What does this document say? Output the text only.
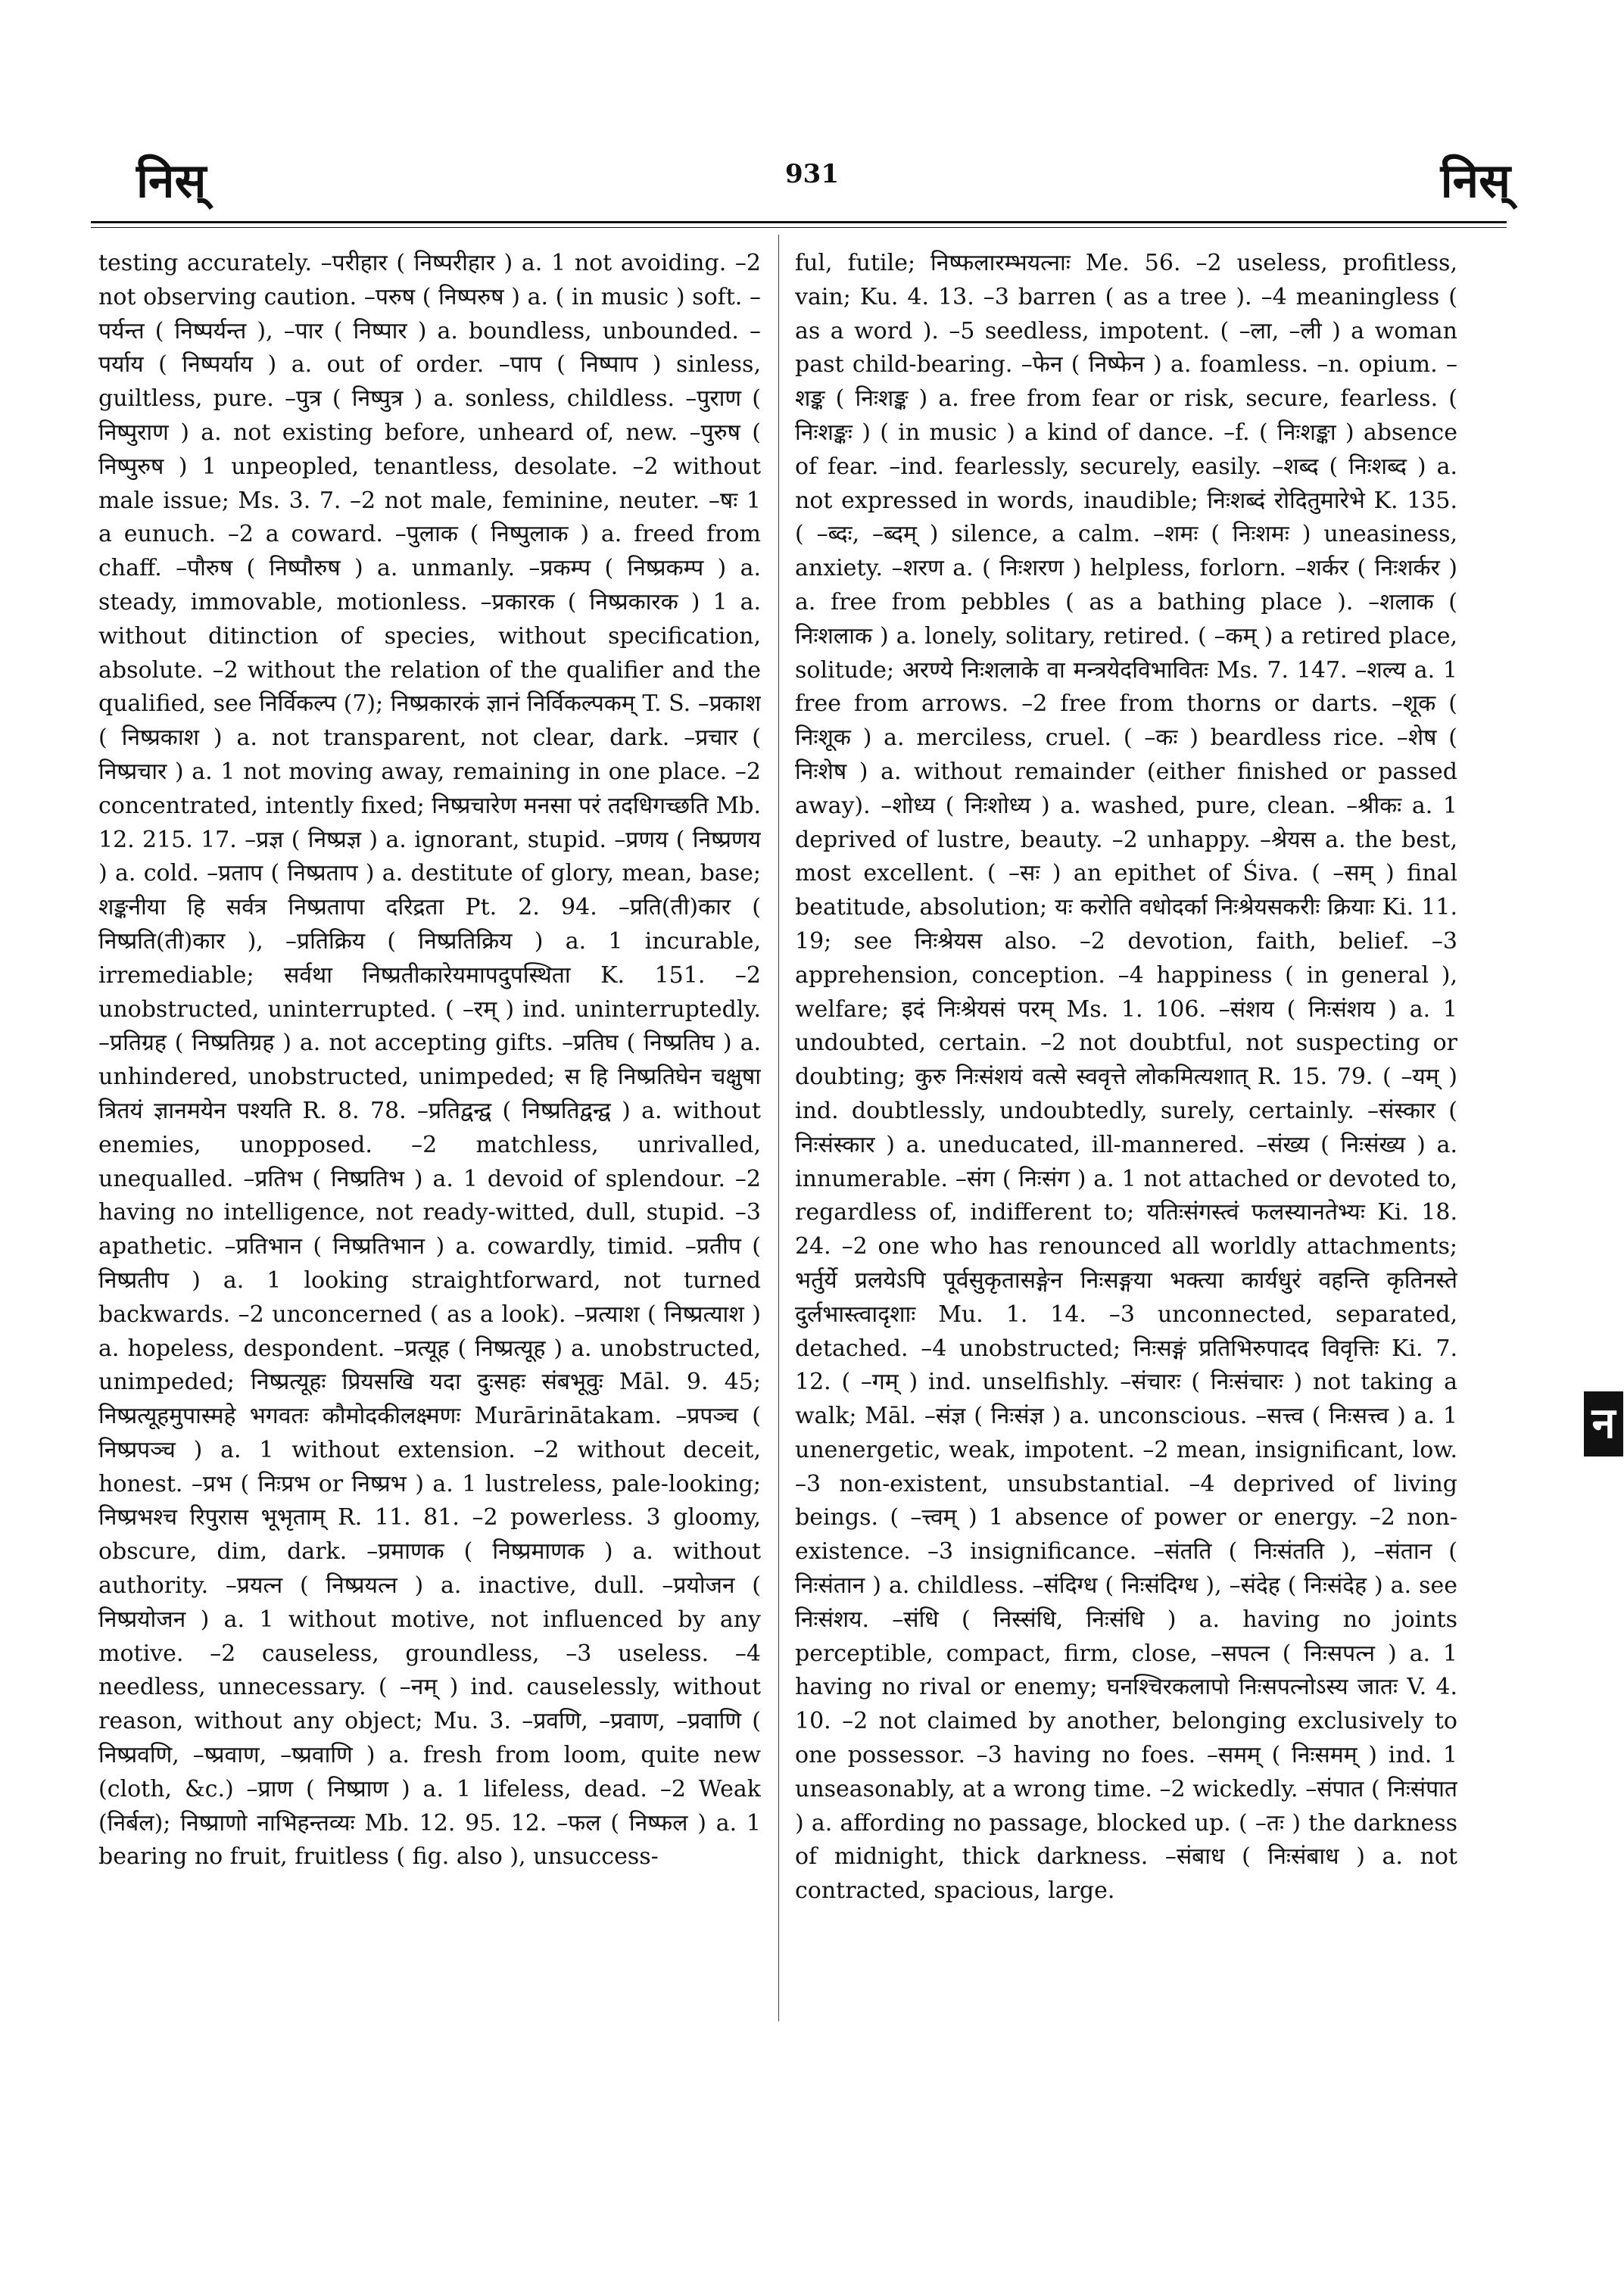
निस्	931	निस्

testing accurately. –परीहार ( निष्परीहार ) a. 1 not avoiding. –2 not observing caution. –परुष ( निष्परुष ) a. ( in music ) soft. –पर्यन्त ( निष्पर्यन्त ), –पार ( निष्पार ) a. boundless, unbounded. –पर्याय ( निष्पर्याय ) a. out of order. –पाप ( निष्पाप ) sinless, guiltless, pure. –पुत्र ( निष्पुत्र ) a. sonless, childless. –पुराण ( निष्पुराण ) a. not existing before, unheard of, new. –पुरुष ( निष्पुरुष ) 1 unpeopled, tenantless, desolate. –2 without male issue; Ms. 3. 7. –2 not male, feminine, neuter. –षः 1 a eunuch. –2 a coward. –पुलाक ( निष्पुलाक ) a. freed from chaff. –पौरुष ( निष्पौरुष ) a. unmanly. –प्रकम्प ( निष्प्रकम्प ) a. steady, immovable, motionless. –प्रकारक ( निष्प्रकारक ) 1 a. without ditinction of species, without specification, absolute. –2 without the relation of the qualifier and the qualified, see निर्विकल्प (7); निष्प्रकारकं ज्ञानं निर्विकल्पकम् T. S. –प्रकाश ( निष्प्रकाश ) a. not transparent, not clear, dark. –प्रचार ( निष्प्रचार ) a. 1 not moving away, remaining in one place. –2 concentrated, intently fixed; निष्प्रचारेण मनसा परं तदधिगच्छति Mb. 12. 215. 17. –प्रज्ञ ( निष्प्रज्ञ ) a. ignorant, stupid. –प्रणय ( निष्प्रणय ) a. cold. –प्रताप ( निष्प्रताप ) a. destitute of glory, mean, base; शङ्कनीया हि सर्वत्र निष्प्रतापा दरिद्रता Pt. 2. 94. –प्रति(ती)कार ( निष्प्रति(ती)कार ), –प्रतिक्रिय ( निष्प्रतिक्रिय ) a. 1 incurable, irremediable; सर्वथा निष्प्रतीकारेयमापदुपस्थिता K. 151. –2 unobstructed, uninterrupted. ( –रम् ) ind. uninterruptedly. –प्रतिग्रह ( निष्प्रतिग्रह ) a. not accepting gifts. –प्रतिघ ( निष्प्रतिघ ) a. unhindered, unobstructed, unimpeded; स हि निष्प्रतिघेन चक्षुषा त्रितयं ज्ञानमयेन पश्यति R. 8. 78. –प्रतिद्वन्द्व ( निष्प्रतिद्वन्द्व ) a. without enemies, unopposed. –2 matchless, unrivalled, unequalled. –प्रतिभ ( निष्प्रतिभ ) a. 1 devoid of splendour. –2 having no intelligence, not ready-witted, dull, stupid. –3 apathetic. –प्रतिभान ( निष्प्रतिभान ) a. cowardly, timid. –प्रतीप ( निष्प्रतीप ) a. 1 looking straightforward, not turned backwards. –2 unconcerned ( as a look). –प्रत्याश ( निष्प्रत्याश ) a. hopeless, despondent. –प्रत्यूह ( निष्प्रत्यूह ) a. unobstructed, unimpeded; निष्प्रत्यूहः प्रियसखि यदा दुःसहः संबभूवुः Māl. 9. 45; निष्प्रत्यूहमुपास्महे भगवतः कौमोदकीलक्ष्मणः Murārinātakam. –प्रपञ्च ( निष्प्रपञ्च ) a. 1 without extension. –2 without deceit, honest. –प्रभ ( निःप्रभ or निष्प्रभ ) a. 1 lustreless, pale-looking; निष्प्रभश्च रिपुरास भूभृताम् R. 11. 81. –2 powerless. 3 gloomy, obscure, dim, dark. –प्रमाणक ( निष्प्रमाणक ) a. without authority. –प्रयत्न ( निष्प्रयत्न ) a. inactive, dull. –प्रयोजन ( निष्प्रयोजन ) a. 1 without motive, not influenced by any motive. –2 causeless, groundless, –3 useless. –4 needless, unnecessary. ( –नम् ) ind. causelessly, without reason, without any object; Mu. 3. –प्रवणि, –प्रवाण, –प्रवाणि ( निष्प्रवणि, –ष्प्रवाण, –ष्प्रवाणि ) a. fresh from loom, quite new (cloth, &c.) –प्राण ( निष्प्राण ) a. 1 lifeless, dead. –2 Weak (निर्बल); निष्प्राणो नाभिहन्तव्यः Mb. 12. 95. 12. –फल ( निष्फल ) a. 1 bearing no fruit, fruitless ( fig. also ), unsuccess-

ful, futile; निष्फलारम्भयत्नाः Me. 56. –2 useless, profitless, vain; Ku. 4. 13. –3 barren ( as a tree ). –4 meaningless ( as a word ). –5 seedless, impotent. ( –ला, –ली ) a woman past child-bearing. –फेन ( निष्फेन ) a. foamless. –n. opium. –शङ्क ( निःशङ्क ) a. free from fear or risk, secure, fearless. ( निःशङ्कः ) ( in music ) a kind of dance. –f. ( निःशङ्का ) absence of fear. –ind. fearlessly, securely, easily. –शब्द ( निःशब्द ) a. not expressed in words, inaudible; निःशब्दं रोदितुमारेभे K. 135. ( –ब्दः, –ब्दम् ) silence, a calm. –शमः ( निःशमः ) uneasiness, anxiety. –शरण a. ( निःशरण ) helpless, forlorn. –शर्कर ( निःशर्कर ) a. free from pebbles ( as a bathing place ). –शलाक ( निःशलाक ) a. lonely, solitary, retired. ( –कम् ) a retired place, solitude; अरण्ये निःशलाके वा मन्त्रयेदविभावितः Ms. 7. 147. –शल्य a. 1 free from arrows. –2 free from thorns or darts. –शूक ( निःशूक ) a. merciless, cruel. ( –कः ) beardless rice. –शेष ( निःशेष ) a. without remainder (either finished or passed away). –शोध्य ( निःशोध्य ) a. washed, pure, clean. –श्रीकः a. 1 deprived of lustre, beauty. –2 unhappy. –श्रेयस a. the best, most excellent. ( –सः ) an epithet of Śiva. ( –सम् ) final beatitude, absolution; यः करोति वधोदर्का निःश्रेयसकरीः क्रियाः Ki. 11. 19; see निःश्रेयस also. –2 devotion, faith, belief. –3 apprehension, conception. –4 happiness ( in general ), welfare; इदं निःश्रेयसं परम् Ms. 1. 106. –संशय ( निःसंशय ) a. 1 undoubted, certain. –2 not doubtful, not suspecting or doubting; कुरु निःसंशयं वत्से स्ववृत्ते लोकमित्यशात् R. 15. 79. ( –यम् ) ind. doubtlessly, undoubtedly, surely, certainly. –संस्कार ( निःसंस्कार ) a. uneducated, ill-mannered. –संख्य ( निःसंख्य ) a. innumerable. –संग ( निःसंग ) a. 1 not attached or devoted to, regardless of, indifferent to; यतिःसंगस्त्वं फलस्यानतेभ्यः Ki. 18. 24. –2 one who has renounced all worldly attachments; भर्तुर्ये प्रलयेऽपि पूर्वसुकृतासङ्गेन निःसङ्गया भक्त्या कार्यधुरं वहन्ति कृतिनस्ते दुर्लभास्त्वादृशाः Mu. 1. 14. –3 unconnected, separated, detached. –4 unobstructed; निःसङ्गं प्रतिभिरुपादद विवृत्तिः Ki. 7. 12. ( –गम् ) ind. unselfishly. –संचारः ( निःसंचारः ) not taking a walk; Māl. –संज्ञ ( निःसंज्ञ ) a. unconscious. –सत्त्व ( निःसत्त्व ) a. 1 unenergetic, weak, impotent. –2 mean, insignificant, low. –3 non-existent, unsubstantial. –4 deprived of living beings. ( –त्त्वम् ) 1 absence of power or energy. –2 non-existence. –3 insignificance. –संतति ( निःसंतति ), –संतान ( निःसंतान ) a. childless. –संदिग्ध ( निःसंदिग्ध ), –संदेह ( निःसंदेह ) a. see निःसंशय. –संधि ( निस्संधि, निःसंधि ) a. having no joints perceptible, compact, firm, close, –सपत्न ( निःसपत्न ) a. 1 having no rival or enemy; घनश्चिरकलापो निःसपत्नोऽस्य जातः V. 4. 10. –2 not claimed by another, belonging exclusively to one possessor. –3 having no foes. –समम् ( निःसमम् ) ind. 1 unseasonably, at a wrong time. –2 wickedly. –संपात ( निःसंपात ) a. affording no passage, blocked up. ( –तः ) the darkness of midnight, thick darkness. –संबाध ( निःसंबाध ) a. not contracted, spacious, large.

न
